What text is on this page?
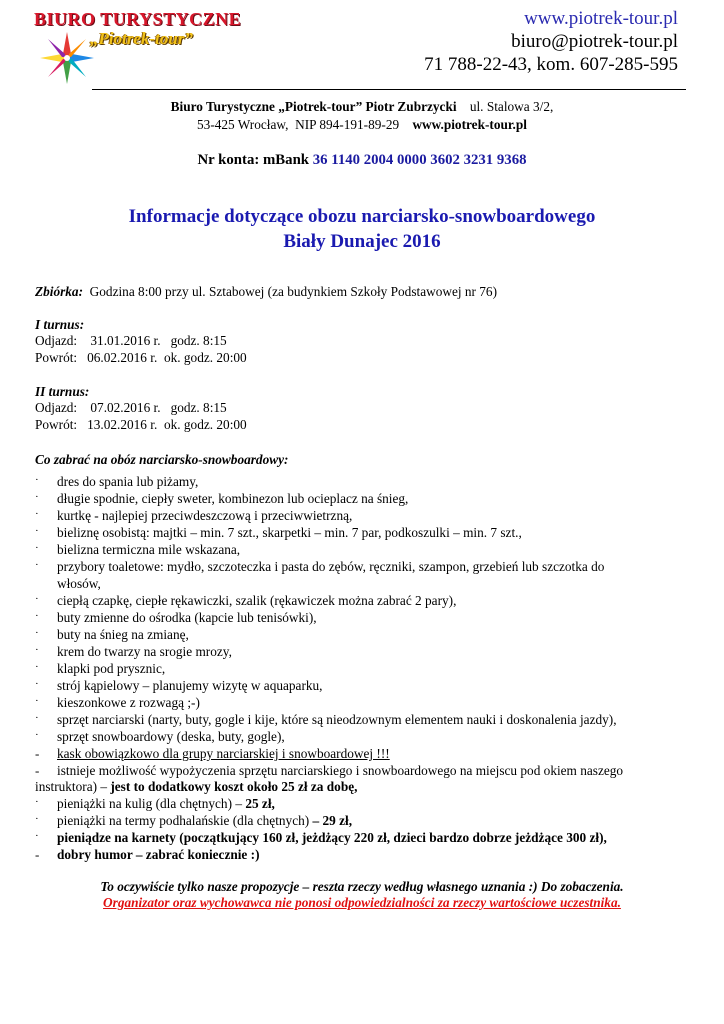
BIURO TURYSTYCZNE
„Piotrek-tour”
www.piotrek-tour.pl
biuro@piotrek-tour.pl
71 788-22-43, kom. 607-285-595
Biuro Turystyczne „Piotrek-tour” Piotr Zubrzycki ul. Stalowa 3/2,
53-425 Wrocław, NIP 894-191-89-29 www.piotrek-tour.pl
Nr konta: mBank 36 1140 2004 0000 3602 3231 9368
Informacje dotyczące obozu narciarsko-snowboardowego
Biały Dunajec 2016
Zbiórka: Godzina 8:00 przy ul. Sztabowej (za budynkiem Szkoły Podstawowej nr 76)
I turnus:
Odjazd: 31.01.2016 r. godz. 8:15
Powrót: 06.02.2016 r. ok. godz. 20:00
II turnus:
Odjazd: 07.02.2016 r. godz. 8:15
Powrót: 13.02.2016 r. ok. godz. 20:00
Co zabrać na obóz narciarsko-snowboardowy:
· dres do spania lub piżamy,
· długie spodnie, ciepły sweter, kombinezon lub ocieplacz na śnieg,
· kurtkę - najlepiej przeciwdeszczową i przeciwwietrzną,
· bieliznę osobistą: majtki – min. 7 szt., skarpetki – min. 7 par, podkoszulki – min. 7 szt.,
· bielizna termiczna mile wskazana,
· przybory toaletowe: mydło, szczoteczka i pasta do zębów, ręczniki, szampon, grzebień lub szczotka do
włosów,
· ciepłą czapkę, ciepłe rękawiczki, szalik (rękawiczek można zabrać 2 pary),
· buty zmienne do ośrodka (kapcie lub tenisówki),
· buty na śnieg na zmianę,
· krem do twarzy na srogie mrozy,
· klapki pod prysznic,
· strój kąpielowy – planujemy wizytę w aquaparku,
· kieszonkowe z rozwagą ;-)
· sprzęt narciarski (narty, buty, gogle i kije, które są nieodzownym elementem nauki i doskonalenia jazdy),
· sprzęt snowboardowy (deska, buty, gogle),
- kask obowiązkowo dla grupy narciarskiej i snowboardowej !!!
- istnieje możliwość wypożyczenia sprzętu narciarskiego i snowboardowego na miejscu pod okiem naszego
instruktora) – jest to dodatkowy koszt około 25 zł za dobę,
· pieniążki na kulig (dla chętnych) – 25 zł,
· pieniążki na termy podhalańskie (dla chętnych) – 29 zł,
· pieniądze na karnety (początkujący 160 zł, jeżdżący 220 zł, dzieci bardzo dobrze jeżdżące 300 zł),
- dobry humor – zabrać koniecznie :)
To oczywiście tylko nasze propozycje – reszta rzeczy według własnego uznania :) Do zobaczenia.
Organizator oraz wychowawca nie ponosi odpowiedzialności za rzeczy wartościowe uczestnika.
